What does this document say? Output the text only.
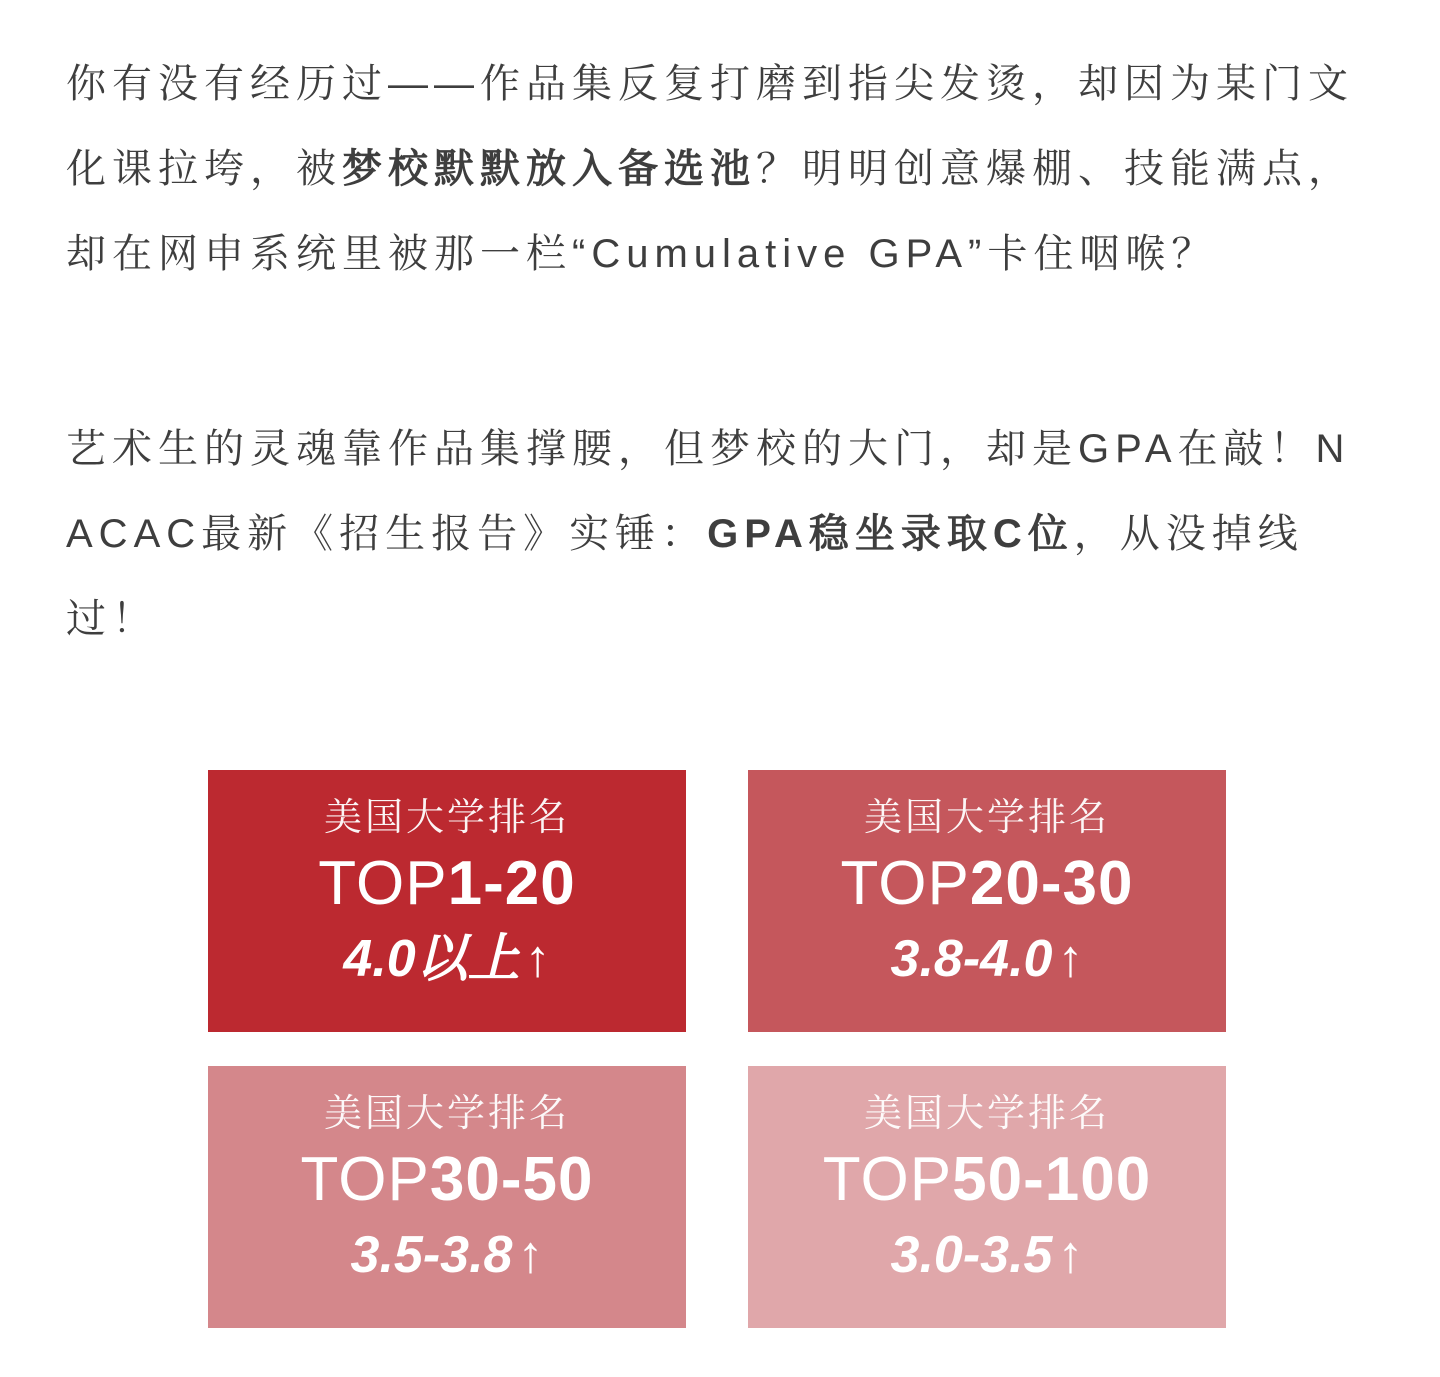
你有没有经历过——作品集反复打磨到指尖发烫，却因为某门文化课拉垮，被梦校默默放入备选池？明明创意爆棚、技能满点，却在网申系统里被那一栏“Cumulative GPA”卡住咽喉？

艺术生的灵魂靠作品集撑腰，但梦校的大门，却是GPA在敲！NACAC最新《招生报告》实锤：GPA稳坐录取C位，从没掉线过！

美国大学排名
TOP1-20
4.0以上↑
美国大学排名
TOP20-30
3.8-4.0↑
美国大学排名
TOP30-50
3.5-3.8↑
美国大学排名
TOP50-100
3.0-3.5↑
